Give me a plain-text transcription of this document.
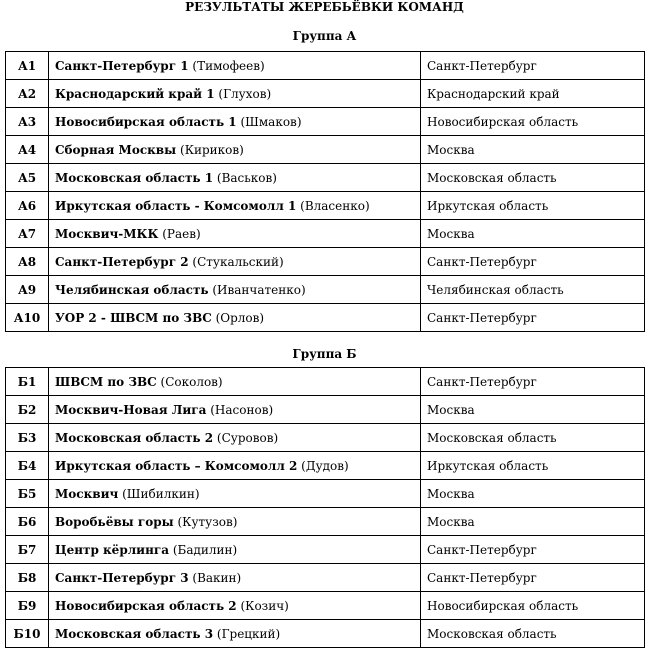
РЕЗУЛЬТАТЫ ЖЕРЕБЬЁВКИ КОМАНД
Группа А
А1	Санкт-Петербург 1 (Тимофеев)	Санкт-Петербург
А2	Краснодарский край 1 (Глухов)	Краснодарский край
А3	Новосибирская область 1 (Шмаков)	Новосибирская область
А4	Сборная Москвы (Кириков)	Москва
А5	Московская область 1 (Васьков)	Московская область
А6	Иркутская область - Комсомолл 1 (Власенко)	Иркутская область
А7	Москвич-МКК (Раев)	Москва
А8	Санкт-Петербург 2 (Стукальский)	Санкт-Петербург
А9	Челябинская область (Иванчатенко)	Челябинская область
А10	УОР 2 - ШВСМ по ЗВС (Орлов)	Санкт-Петербург
Группа Б
Б1	ШВСМ по ЗВС (Соколов)	Санкт-Петербург
Б2	Москвич-Новая Лига (Насонов)	Москва
Б3	Московская область 2 (Суровов)	Московская область
Б4	Иркутская область – Комсомолл 2 (Дудов)	Иркутская область
Б5	Москвич (Шибилкин)	Москва
Б6	Воробьёвы горы (Кутузов)	Москва
Б7	Центр кёрлинга (Бадилин)	Санкт-Петербург
Б8	Санкт-Петербург 3 (Вакин)	Санкт-Петербург
Б9	Новосибирская область 2 (Козич)	Новосибирская область
Б10	Московская область 3 (Грецкий)	Московская область
